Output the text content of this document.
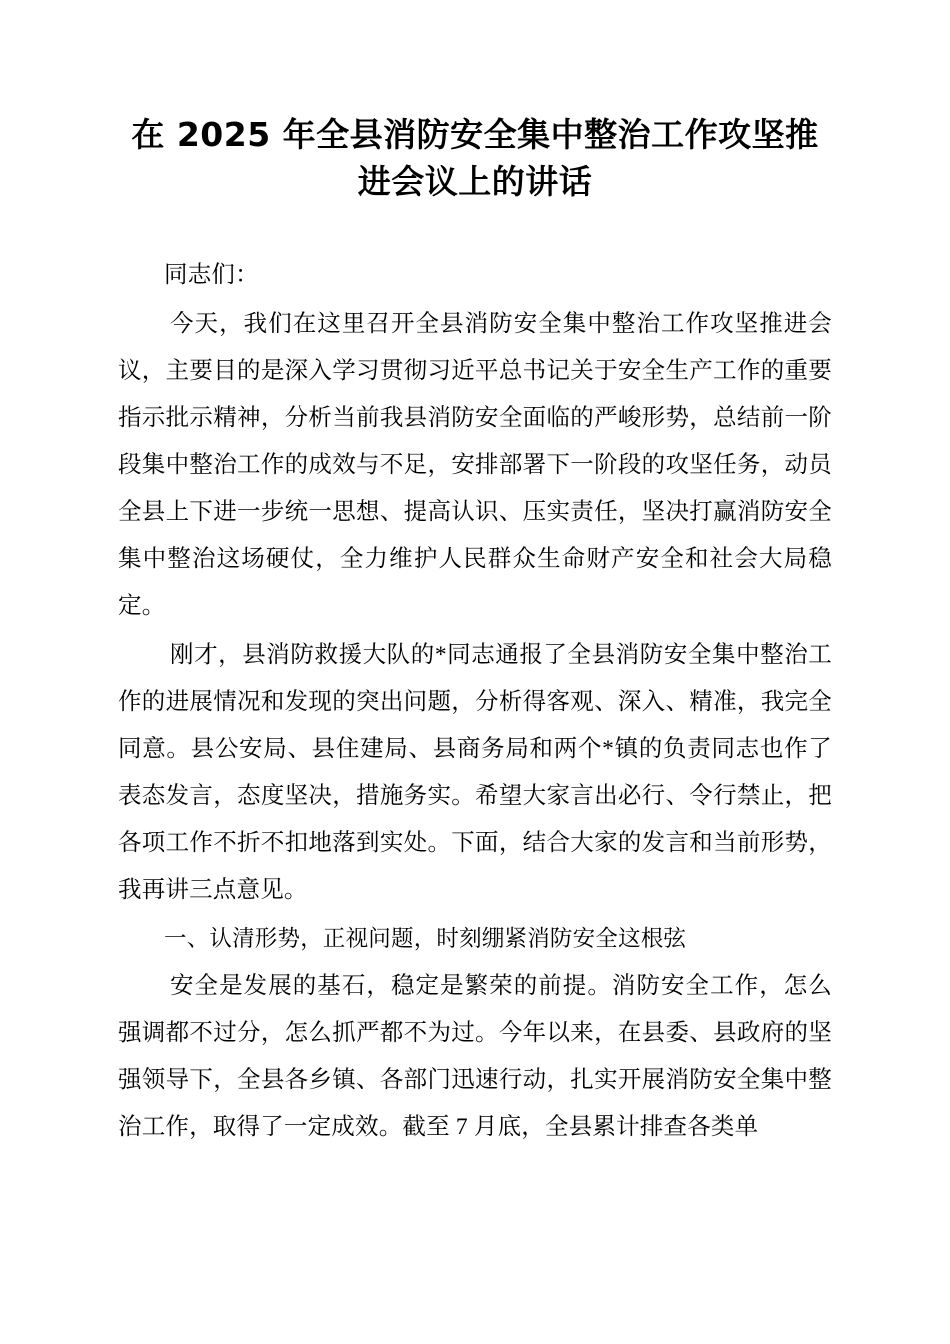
在 2025 年全县消防安全集中整治工作攻坚推进会议上的讲话

同志们：

今天，我们在这里召开全县消防安全集中整治工作攻坚推进会议，主要目的是深入学习贯彻习近平总书记关于安全生产工作的重要指示批示精神，分析当前我县消防安全面临的严峻形势，总结前一阶段集中整治工作的成效与不足，安排部署下一阶段的攻坚任务，动员全县上下进一步统一思想、提高认识、压实责任，坚决打赢消防安全集中整治这场硬仗，全力维护人民群众生命财产安全和社会大局稳定。

刚才，县消防救援大队的*同志通报了全县消防安全集中整治工作的进展情况和发现的突出问题，分析得客观、深入、精准，我完全同意。县公安局、县住建局、县商务局和两个*镇的负责同志也作了表态发言，态度坚决，措施务实。希望大家言出必行、令行禁止，把各项工作不折不扣地落到实处。下面，结合大家的发言和当前形势，我再讲三点意见。

一、认清形势，正视问题，时刻绷紧消防安全这根弦

安全是发展的基石，稳定是繁荣的前提。消防安全工作，怎么强调都不过分，怎么抓严都不为过。今年以来，在县委、县政府的坚强领导下，全县各乡镇、各部门迅速行动，扎实开展消防安全集中整治工作，取得了一定成效。截至 7 月底，全县累计排查各类单
